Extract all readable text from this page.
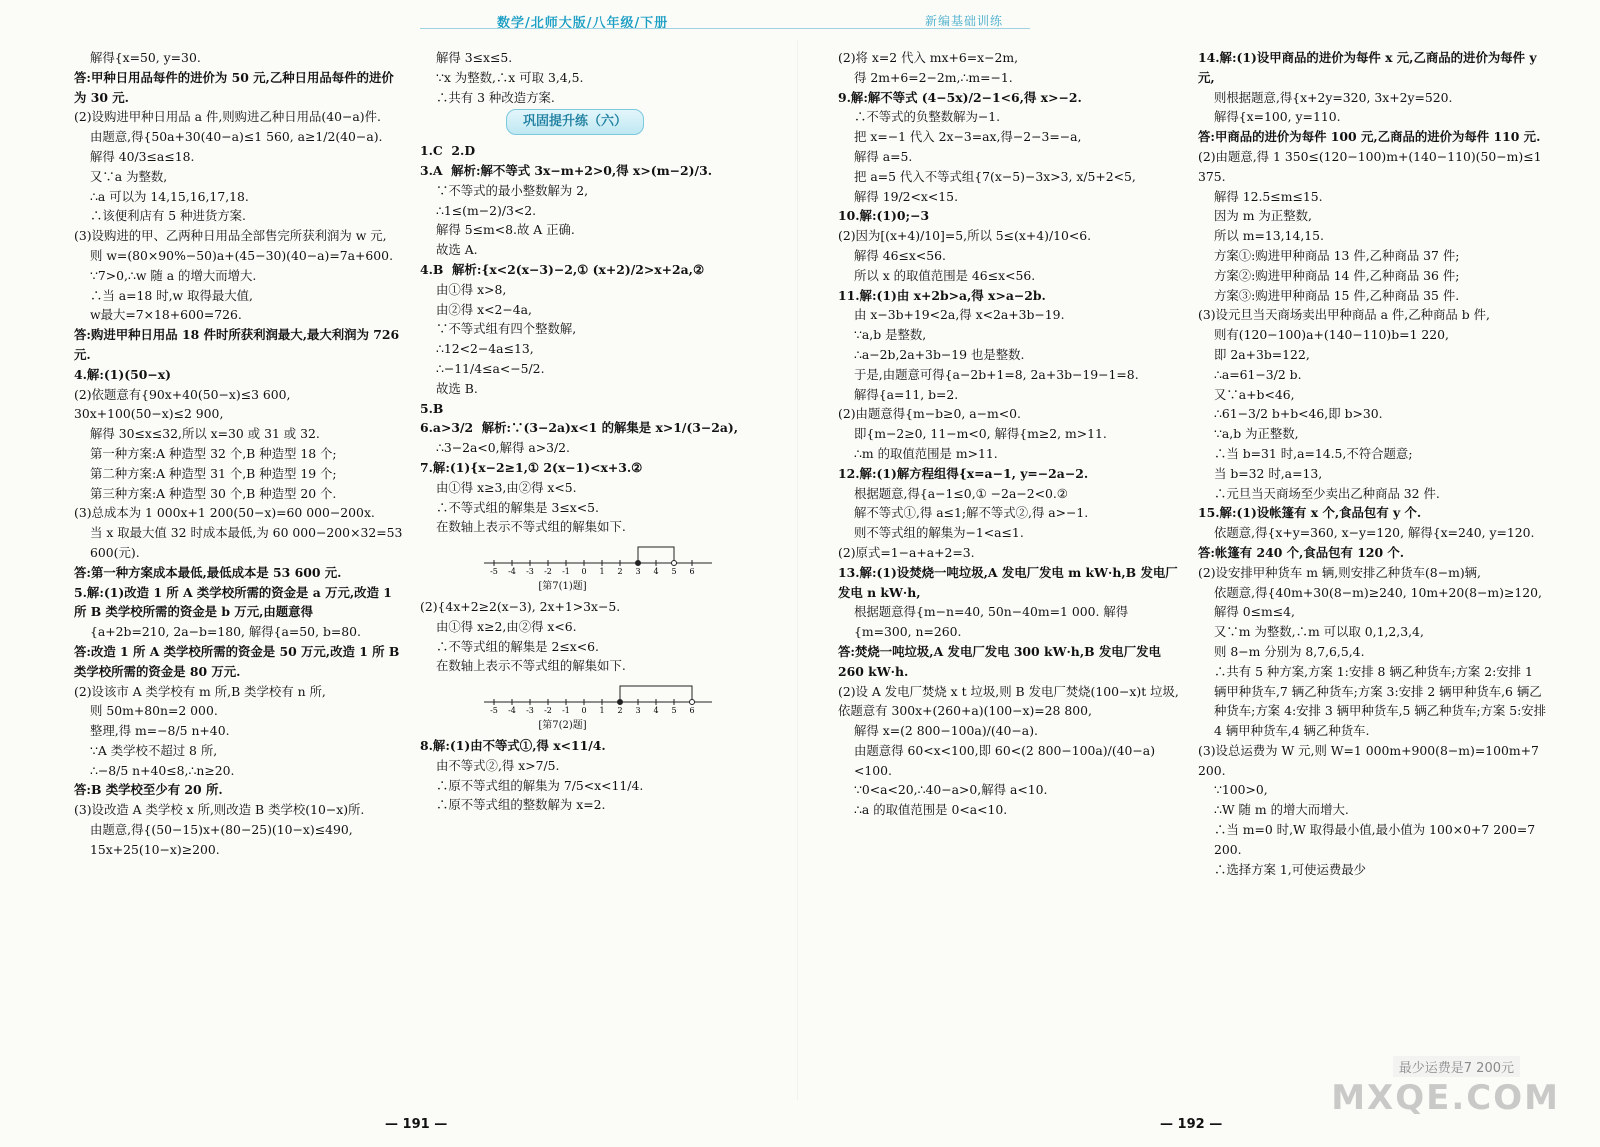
数学/北师大版/八年级/下册	新编基础训练

解得{x=50, y=30.

答:甲种日用品每件的进价为 50 元,乙种日用品每件的进价为 30 元.

(2)设购进甲种日用品 a 件,则购进乙种日用品(40−a)件.

由题意,得{50a+30(40−a)≤1 560, a≥1/2(40−a).

解得 40/3≤a≤18.

又∵a 为整数,

∴a 可以为 14,15,16,17,18.

∴该便利店有 5 种进货方案.

(3)设购进的甲、乙两种日用品全部售完所获利润为 w 元,

则 w=(80×90%−50)a+(45−30)(40−a)=7a+600.

∵7>0,∴w 随 a 的增大而增大.

∴当 a=18 时,w 取得最大值,

w最大=7×18+600=726.

答:购进甲种日用品 18 件时所获利润最大,最大利润为 726 元.

4.解:(1)(50−x)

(2)依题意有{90x+40(50−x)≤3 600, 30x+100(50−x)≤2 900,

解得 30≤x≤32,所以 x=30 或 31 或 32.

第一种方案:A 种造型 32 个,B 种造型 18 个;

第二种方案:A 种造型 31 个,B 种造型 19 个;

第三种方案:A 种造型 30 个,B 种造型 20 个.

(3)总成本为 1 000x+1 200(50−x)=60 000−200x.

当 x 取最大值 32 时成本最低,为 60 000−200×32=53 600(元).

答:第一种方案成本最低,最低成本是 53 600 元.

5.解:(1)改造 1 所 A 类学校所需的资金是 a 万元,改造 1 所 B 类学校所需的资金是 b 万元,由题意得

{a+2b=210, 2a−b=180, 解得{a=50, b=80.

答:改造 1 所 A 类学校所需的资金是 50 万元,改造 1 所 B 类学校所需的资金是 80 万元.

(2)设该市 A 类学校有 m 所,B 类学校有 n 所,

则 50m+80n=2 000.

整理,得 m=−8/5 n+40.

∵A 类学校不超过 8 所,

∴−8/5 n+40≤8,∴n≥20.

答:B 类学校至少有 20 所.

(3)设改造 A 类学校 x 所,则改造 B 类学校(10−x)所.

由题意,得{(50−15)x+(80−25)(10−x)≤490, 15x+25(10−x)≥200.

解得 3≤x≤5.

∵x 为整数,∴x 可取 3,4,5.

∴共有 3 种改造方案.

巩固提升练（六）

1.C  2.D

3.A  解析:解不等式 3x−m+2>0,得 x>(m−2)/3.

∵不等式的最小整数解为 2,

∴1≤(m−2)/3<2.

解得 5≤m<8.故 A 正确.

故选 A.

4.B  解析:{x<2(x−3)−2,① (x+2)/2>x+2a,②

由①得 x>8,

由②得 x<2−4a,

∵不等式组有四个整数解,

∴12<2−4a≤13,

∴−11/4≤a<−5/2.

故选 B.

5.B

6.a>3/2  解析:∵(3−2a)x<1 的解集是 x>1/(3−2a),

∴3−2a<0,解得 a>3/2.

7.解:(1){x−2≥1,① 2(x−1)<x+3.②

由①得 x≥3,由②得 x<5.

∴不等式组的解集是 3≤x<5.

在数轴上表示不等式组的解集如下.

-5 -4 -3 -2 -1 0 1 2 3 4 5 6
[第7(1)题]

(2){4x+2≥2(x−3), 2x+1>3x−5.

由①得 x≥2,由②得 x<6.

∴不等式组的解集是 2≤x<6.

在数轴上表示不等式组的解集如下.

-5 -4 -3 -2 -1 0 1 2 3 4 5 6
[第7(2)题]

8.解:(1)由不等式①,得 x<11/4.

由不等式②,得 x>7/5.

∴原不等式组的解集为 7/5<x<11/4.

∴原不等式组的整数解为 x=2.

(2)将 x=2 代入 mx+6=x−2m,

得 2m+6=2−2m,∴m=−1.

9.解:解不等式 (4−5x)/2−1<6,得 x>−2.

∴不等式的负整数解为−1.

把 x=−1 代入 2x−3=ax,得−2−3=−a,

解得 a=5.

把 a=5 代入不等式组{7(x−5)−3x>3, x/5+2<5,

解得 19/2<x<15.

10.解:(1)0;−3

(2)因为[(x+4)/10]=5,所以 5≤(x+4)/10<6.

解得 46≤x<56.

所以 x 的取值范围是 46≤x<56.

11.解:(1)由 x+2b>a,得 x>a−2b.

由 x−3b+19<2a,得 x<2a+3b−19.

∵a,b 是整数,

∴a−2b,2a+3b−19 也是整数.

于是,由题意可得{a−2b+1=8, 2a+3b−19−1=8.

解得{a=11, b=2.

(2)由题意得{m−b≥0, a−m<0.

即{m−2≥0, 11−m<0, 解得{m≥2, m>11.

∴m 的取值范围是 m>11.

12.解:(1)解方程组得{x=a−1, y=−2a−2.

根据题意,得{a−1≤0,① −2a−2<0.②

解不等式①,得 a≤1;解不等式②,得 a>−1.

则不等式组的解集为−1<a≤1.

(2)原式=1−a+a+2=3.

13.解:(1)设焚烧一吨垃圾,A 发电厂发电 m kW·h,B 发电厂发电 n kW·h,

根据题意得{m−n=40, 50n−40m=1 000. 解得{m=300, n=260.

答:焚烧一吨垃圾,A 发电厂发电 300 kW·h,B 发电厂发电 260 kW·h.

(2)设 A 发电厂焚烧 x t 垃圾,则 B 发电厂焚烧(100−x)t 垃圾,依题意有 300x+(260+a)(100−x)=28 800,

解得 x=(2 800−100a)/(40−a).

由题意得 60<x<100,即 60<(2 800−100a)/(40−a)<100.

∵0<a<20,∴40−a>0,解得 a<10.

∴a 的取值范围是 0<a<10.

14.解:(1)设甲商品的进价为每件 x 元,乙商品的进价为每件 y 元,

则根据题意,得{x+2y=320, 3x+2y=520.

解得{x=100, y=110.

答:甲商品的进价为每件 100 元,乙商品的进价为每件 110 元.

(2)由题意,得 1 350≤(120−100)m+(140−110)(50−m)≤1 375.

解得 12.5≤m≤15.

因为 m 为正整数,

所以 m=13,14,15.

方案①:购进甲种商品 13 件,乙种商品 37 件;

方案②:购进甲种商品 14 件,乙种商品 36 件;

方案③:购进甲种商品 15 件,乙种商品 35 件.

(3)设元旦当天商场卖出甲种商品 a 件,乙种商品 b 件,

则有(120−100)a+(140−110)b=1 220,

即 2a+3b=122,

∴a=61−3/2 b.

又∵a+b<46,

∴61−3/2 b+b<46,即 b>30.

∵a,b 为正整数,

∴当 b=31 时,a=14.5,不符合题意;

当 b=32 时,a=13,

∴元旦当天商场至少卖出乙种商品 32 件.

15.解:(1)设帐篷有 x 个,食品包有 y 个.

依题意,得{x+y=360, x−y=120, 解得{x=240, y=120.

答:帐篷有 240 个,食品包有 120 个.

(2)设安排甲种货车 m 辆,则安排乙种货车(8−m)辆,

依题意,得{40m+30(8−m)≥240, 10m+20(8−m)≥120,

解得 0≤m≤4,

又∵m 为整数,∴m 可以取 0,1,2,3,4,

则 8−m 分别为 8,7,6,5,4.

∴共有 5 种方案,方案 1:安排 8 辆乙种货车;方案 2:安排 1 辆甲种货车,7 辆乙种货车;方案 3:安排 2 辆甲种货车,6 辆乙种货车;方案 4:安排 3 辆甲种货车,5 辆乙种货车;方案 5:安排 4 辆甲种货车,4 辆乙种货车.

(3)设总运费为 W 元,则 W=1 000m+900(8−m)=100m+7 200.

∵100>0,

∴W 随 m 的增大而增大.

∴当 m=0 时,W 取得最小值,最小值为 100×0+7 200=7 200.

∴选择方案 1,可使运费最少

— 191 —	— 192 —
最少运费是7 200元
MXQE.COM
